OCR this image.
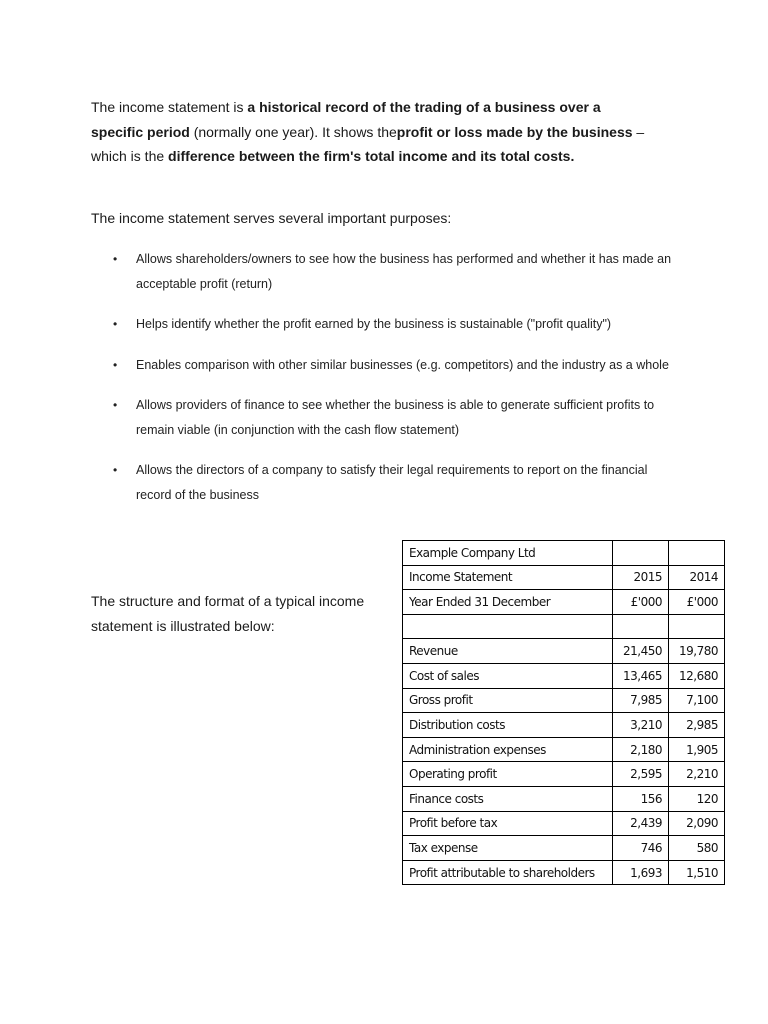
The income statement is a historical record of the trading of a business over a specific period (normally one year). It shows theprofit or loss made by the business – which is the difference between the firm's total income and its total costs.

The income statement serves several important purposes:

• Allows shareholders/owners to see how the business has performed and whether it has made an acceptable profit (return)
• Helps identify whether the profit earned by the business is sustainable ("profit quality")
• Enables comparison with other similar businesses (e.g. competitors) and the industry as a whole
• Allows providers of finance to see whether the business is able to generate sufficient profits to remain viable (in conjunction with the cash flow statement)
• Allows the directors of a company to satisfy their legal requirements to report on the financial record of the business

The structure and format of a typical income statement is illustrated below:

Example Company Ltd		
Income Statement	2015	2014
Year Ended 31 December	£'000	£'000

Revenue	21,450	19,780
Cost of sales	13,465	12,680
Gross profit	7,985	7,100
Distribution costs	3,210	2,985
Administration expenses	2,180	1,905
Operating profit	2,595	2,210
Finance costs	156	120
Profit before tax	2,439	2,090
Tax expense	746	580
Profit attributable to shareholders	1,693	1,510
